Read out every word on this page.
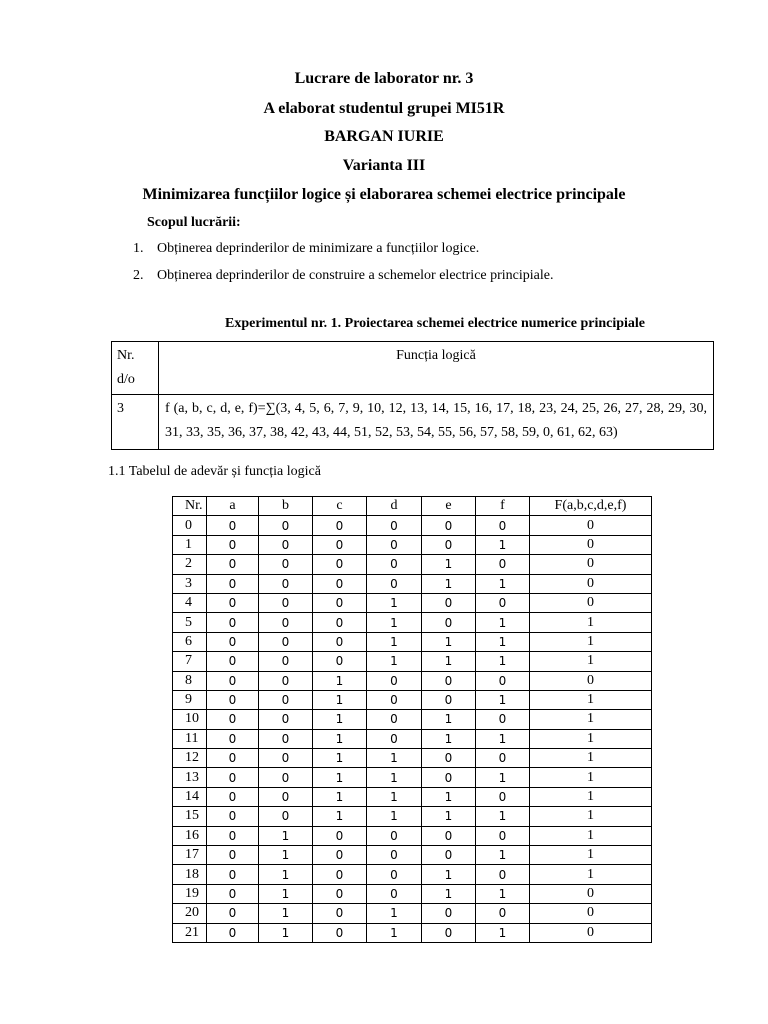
Lucrare de laborator nr. 3
A elaborat studentul grupei MI51R
BARGAN IURIE
Varianta III
Minimizarea funcțiilor logice și elaborarea schemei electrice principale
Scopul lucrării:
1. Obținerea deprinderilor de minimizare a funcțiilor logice.
2. Obținerea deprinderilor de construire a schemelor electrice principiale.
Experimentul nr. 1. Proiectarea schemei electrice numerice principiale
Nr. d/o	Funcția logică
3	f (a, b, c, d, e, f)=∑(3, 4, 5, 6, 7, 9, 10, 12, 13, 14, 15, 16, 17, 18, 23, 24, 25, 26, 27, 28, 29, 30, 31, 33, 35, 36, 37, 38, 42, 43, 44, 51, 52, 53, 54, 55, 56, 57, 58, 59, 0, 61, 62, 63)
1.1 Tabelul de adevăr și funcția logică
Nr.	a	b	c	d	e	f	F(a,b,c,d,e,f)
0	0	0	0	0	0	0	0
1	0	0	0	0	0	1	0
2	0	0	0	0	1	0	0
3	0	0	0	0	1	1	0
4	0	0	0	1	0	0	0
5	0	0	0	1	0	1	1
6	0	0	0	1	1	1	1
7	0	0	0	1	1	1	1
8	0	0	1	0	0	0	0
9	0	0	1	0	0	1	1
10	0	0	1	0	1	0	1
11	0	0	1	0	1	1	1
12	0	0	1	1	0	0	1
13	0	0	1	1	0	1	1
14	0	0	1	1	1	0	1
15	0	0	1	1	1	1	1
16	0	1	0	0	0	0	1
17	0	1	0	0	0	1	1
18	0	1	0	0	1	0	1
19	0	1	0	0	1	1	0
20	0	1	0	1	0	0	0
21	0	1	0	1	0	1	0
